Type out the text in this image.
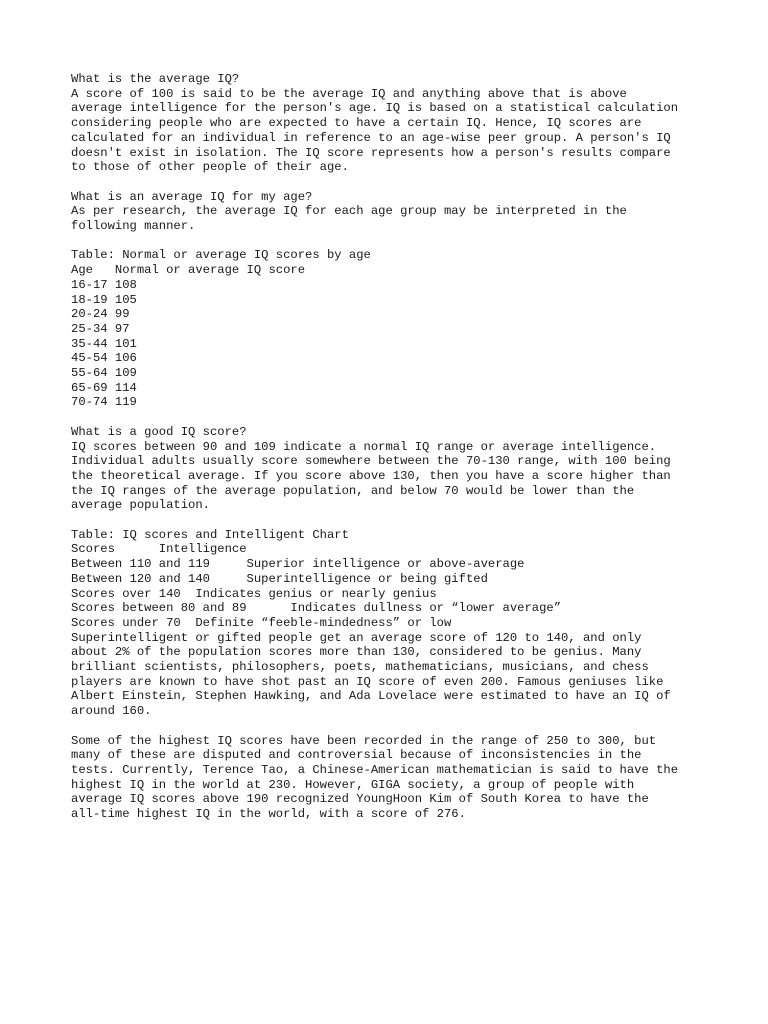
What is the average IQ?
A score of 100 is said to be the average IQ and anything above that is above
average intelligence for the person's age. IQ is based on a statistical calculation
considering people who are expected to have a certain IQ. Hence, IQ scores are
calculated for an individual in reference to an age-wise peer group. A person's IQ
doesn't exist in isolation. The IQ score represents how a person's results compare
to those of other people of their age.
What is an average IQ for my age?
As per research, the average IQ for each age group may be interpreted in the
following manner.
Table: Normal or average IQ scores by age
Age   Normal or average IQ score
16-17 108
18-19 105
20-24 99
25-34 97
35-44 101
45-54 106
55-64 109
65-69 114
70-74 119
What is a good IQ score?
IQ scores between 90 and 109 indicate a normal IQ range or average intelligence.
Individual adults usually score somewhere between the 70-130 range, with 100 being
the theoretical average. If you score above 130, then you have a score higher than
the IQ ranges of the average population, and below 70 would be lower than the
average population.
Table: IQ scores and Intelligent Chart
Scores      Intelligence
Between 110 and 119     Superior intelligence or above-average
Between 120 and 140     Superintelligence or being gifted
Scores over 140  Indicates genius or nearly genius
Scores between 80 and 89      Indicates dullness or “lower average”
Scores under 70  Definite “feeble-mindedness” or low
Superintelligent or gifted people get an average score of 120 to 140, and only
about 2% of the population scores more than 130, considered to be genius. Many
brilliant scientists, philosophers, poets, mathematicians, musicians, and chess
players are known to have shot past an IQ score of even 200. Famous geniuses like
Albert Einstein, Stephen Hawking, and Ada Lovelace were estimated to have an IQ of
around 160.
Some of the highest IQ scores have been recorded in the range of 250 to 300, but
many of these are disputed and controversial because of inconsistencies in the
tests. Currently, Terence Tao, a Chinese-American mathematician is said to have the
highest IQ in the world at 230. However, GIGA society, a group of people with
average IQ scores above 190 recognized YoungHoon Kim of South Korea to have the
all-time highest IQ in the world, with a score of 276.
